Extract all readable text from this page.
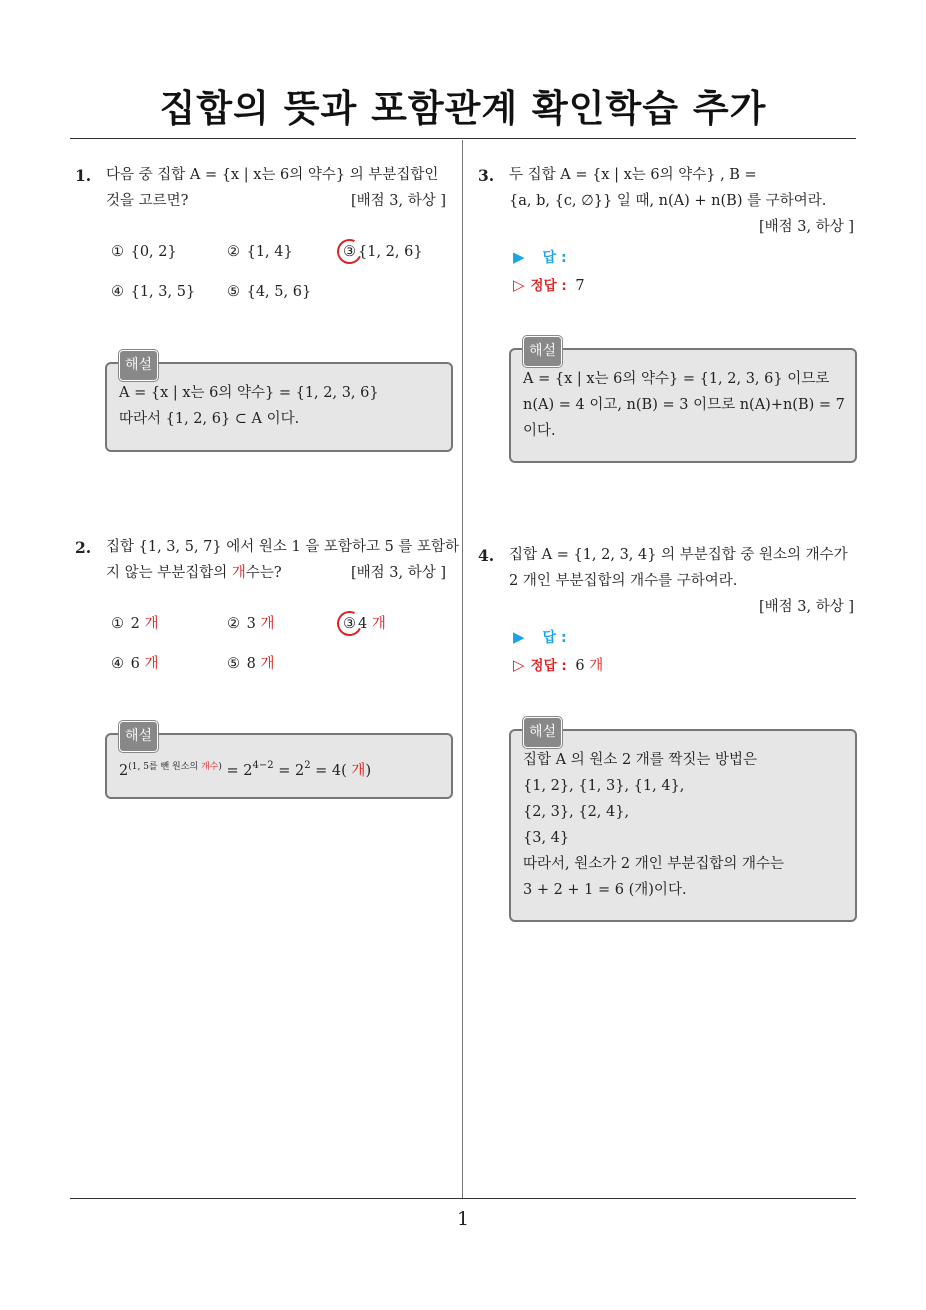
집합의 뜻과 포함관계 확인학습 추가
1. 다음 중 집합 A = {x | x는 6의 약수} 의 부분집합인
것을 고르면?	[배점 3, 하상 ]
① {0, 2}	② {1, 4}	③ {1, 2, 6}
④ {1, 3, 5} ⑤ {4, 5, 6}
해설
A = {x | x는 6의 약수} = {1, 2, 3, 6}
따라서 {1, 2, 6} ⊂ A 이다.
2. 집합 {1, 3, 5, 7} 에서 원소 1 을 포함하고 5 를 포함하
지 않는 부분집합의 개수는?	[배점 3, 하상 ]
① 2 개	② 3 개	③ 4 개
④ 6 개	⑤ 8 개
해설
$2^{(1, 5를 뺀 원소의 개수)} = 2^{4-2} = 2^2 = 4$( 개)
3. 두 집합 A = {x | x는 6의 약수} , B =
{a, b, {c, ∅}} 일 때, n(A) + n(B) 를 구하여라.
[배점 3, 하상 ]
▶ 답 :
▷ 정답 : 7
해설
A = {x | x는 6의 약수} = {1, 2, 3, 6} 이므로
n(A) = 4 이고, n(B) = 3 이므로 n(A)+n(B) = 7
이다.
4. 집합 A = {1, 2, 3, 4} 의 부분집합 중 원소의 개수가
2 개인 부분집합의 개수를 구하여라.
[배점 3, 하상 ]
▶ 답 :
▷ 정답 : 6 개
해설
집합 A 의 원소 2 개를 짝짓는 방법은
{1, 2}, {1, 3}, {1, 4},
{2, 3}, {2, 4},
{3, 4}
따라서, 원소가 2 개인 부분집합의 개수는
3 + 2 + 1 = 6 (개)이다.
1
